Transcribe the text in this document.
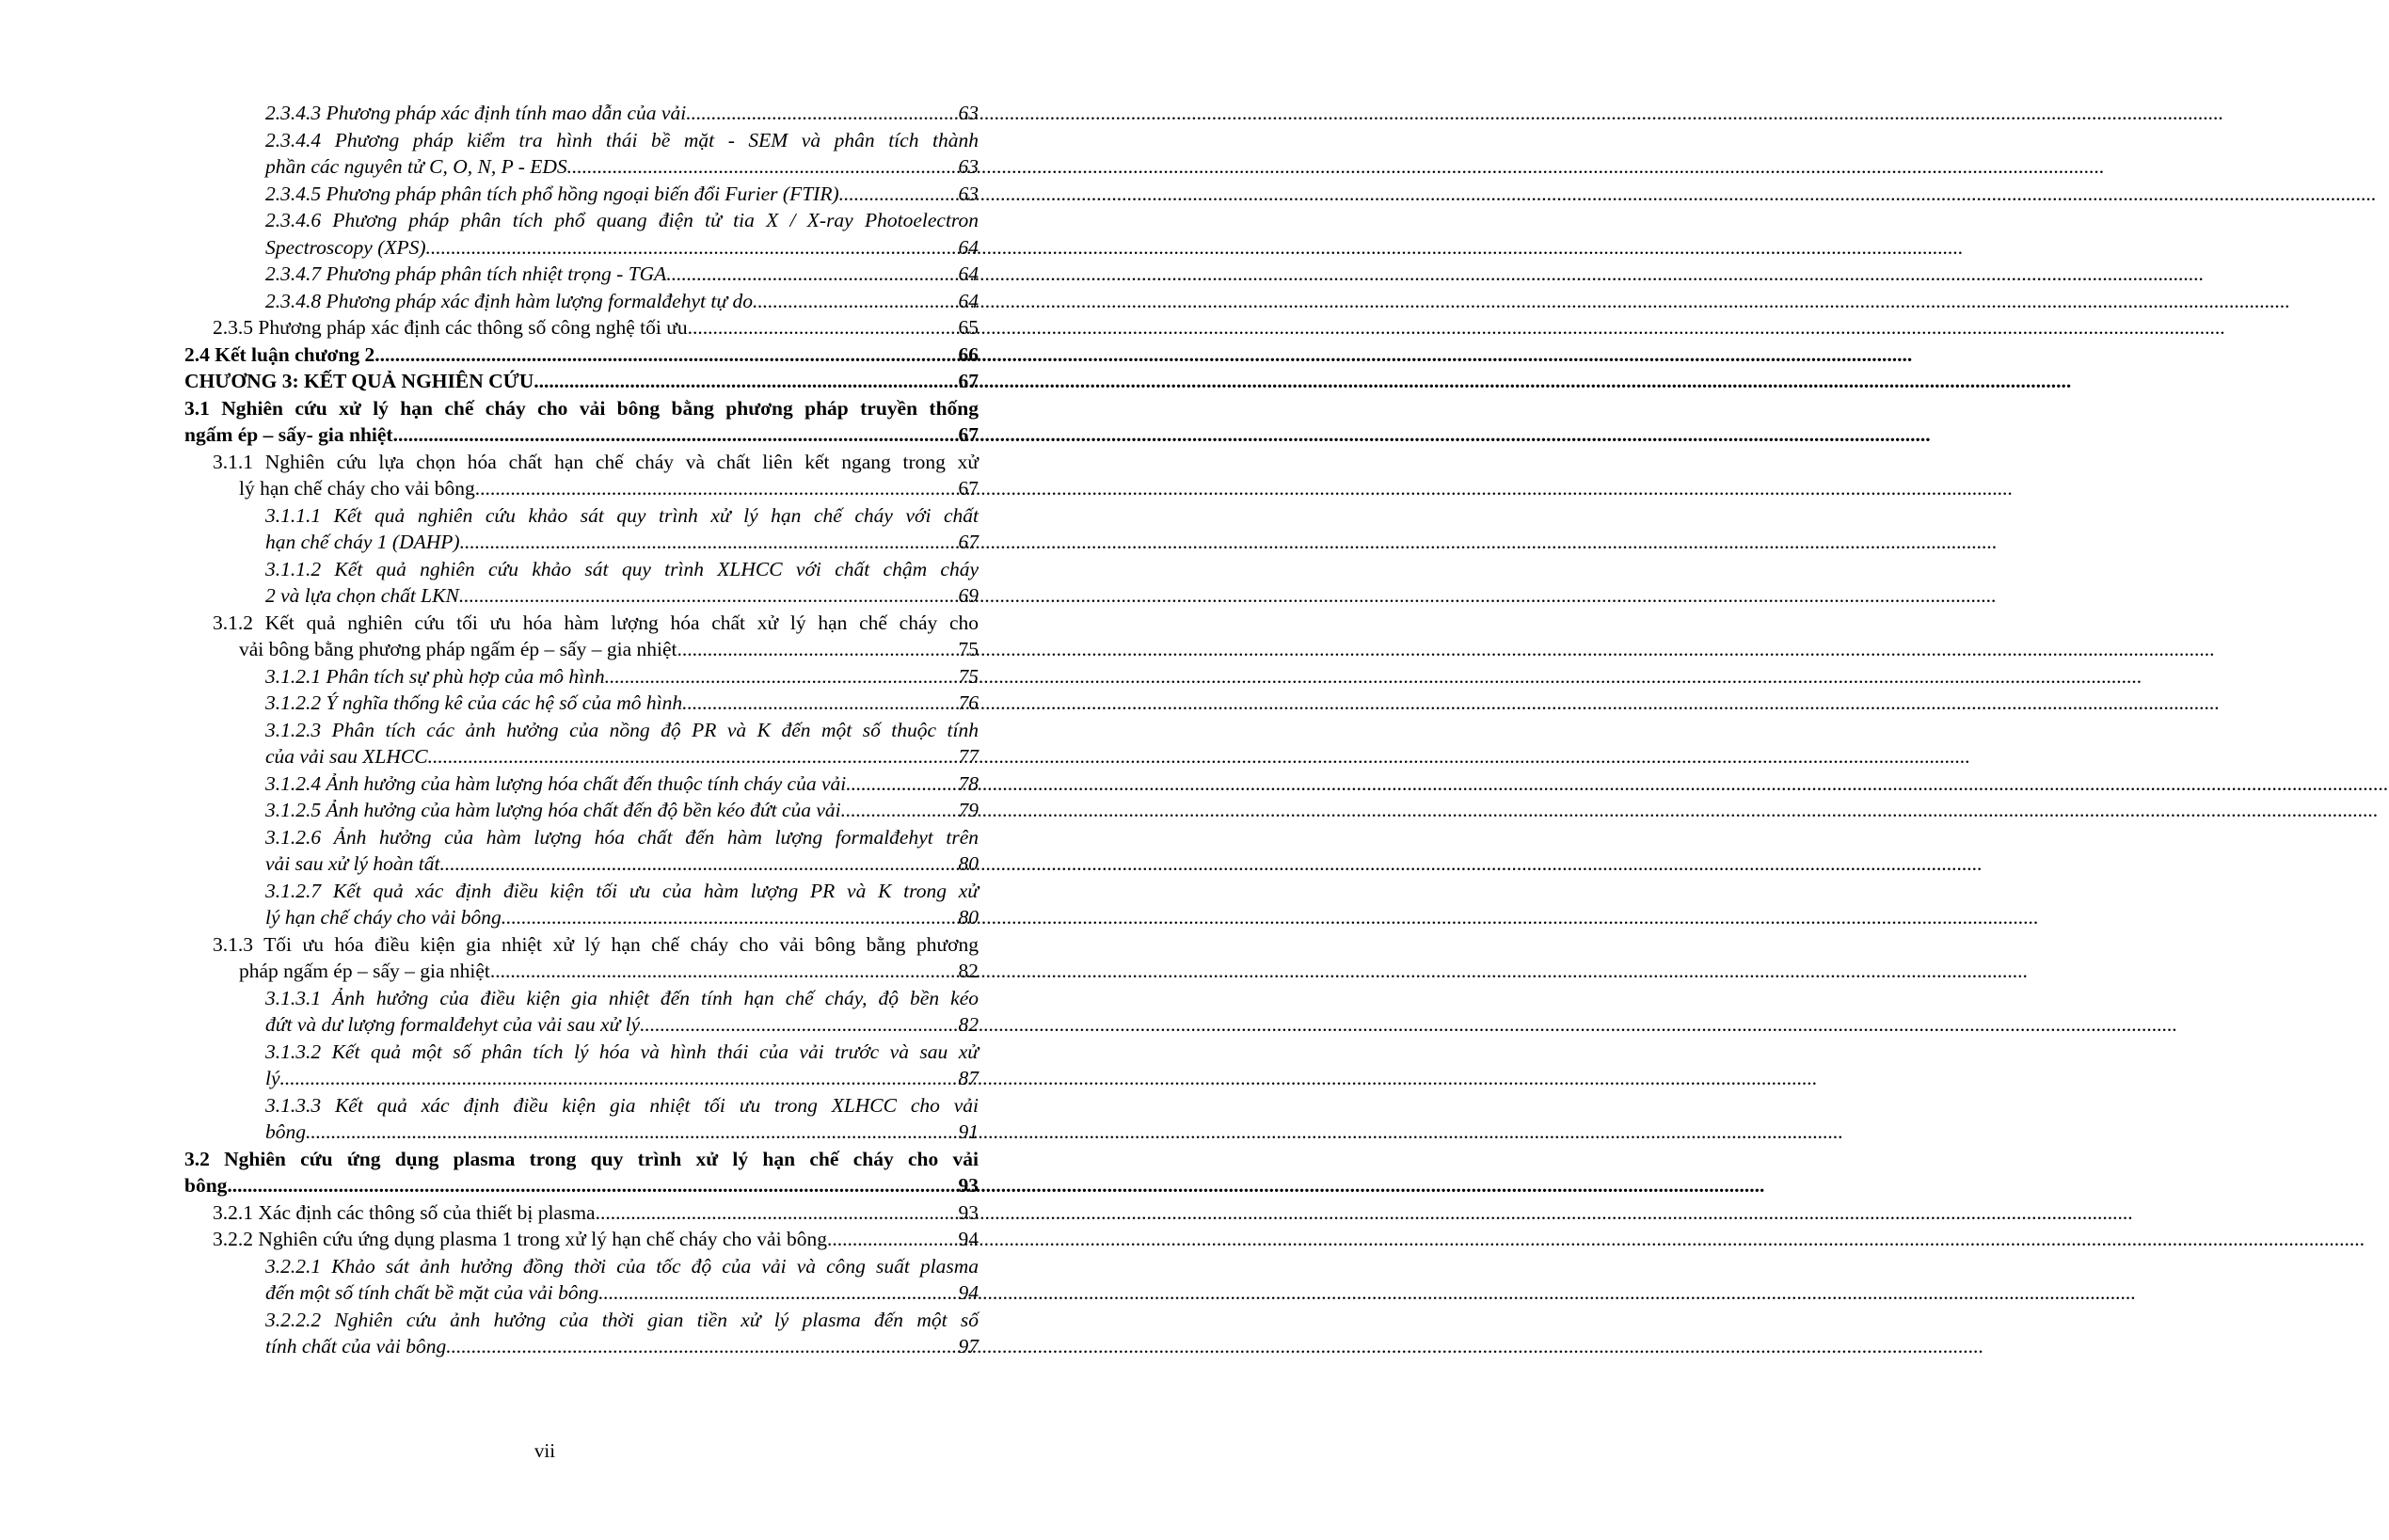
2.3.4.3 Phương pháp xác định tính mao dẫn của vải .....	63
2.3.4.4 Phương pháp kiểm tra hình thái bề mặt - SEM và phân tích thành
phần các nguyên tử C, O, N, P - EDS .....	63
2.3.4.5 Phương pháp phân tích phổ hồng ngoại biến đổi Furier (FTIR) .....	63
2.3.4.6 Phương pháp phân tích phổ quang điện tử tia X / X-ray Photoelectron
Spectroscopy (XPS) .....	64
2.3.4.7 Phương pháp phân tích nhiệt trọng - TGA .....	64
2.3.4.8 Phương pháp xác định hàm lượng formalđehyt tự do .....	64
2.3.5 Phương pháp xác định các thông số công nghệ tối ưu .....	65
2.4 Kết luận chương 2 .....	66
CHƯƠNG 3: KẾT QUẢ NGHIÊN CỨU .....	67
3.1 Nghiên cứu xử lý hạn chế cháy cho vải bông bằng phương pháp truyền thống
ngấm ép – sấy- gia nhiệt .....	67
3.1.1 Nghiên cứu lựa chọn hóa chất hạn chế cháy và chất liên kết ngang trong xử
lý hạn chế cháy cho vải bông .....	67
3.1.1.1 Kết quả nghiên cứu khảo sát quy trình xử lý hạn chế cháy với chất
hạn chế cháy 1 (DAHP) .....	67
3.1.1.2 Kết quả nghiên cứu khảo sát quy trình XLHCC với chất chậm cháy
2 và lựa chọn chất LKN .....	69
3.1.2 Kết quả nghiên cứu tối ưu hóa hàm lượng hóa chất xử lý hạn chế cháy cho
vải bông bằng phương pháp ngấm ép – sấy – gia nhiệt .....	75
3.1.2.1 Phân tích sự phù hợp của mô hình .....	75
3.1.2.2 Ý nghĩa thống kê của các hệ số của mô hình .....	76
3.1.2.3 Phân tích các ảnh hưởng của nồng độ PR và K đến một số thuộc tính
của vải sau XLHCC. .....	77
3.1.2.4 Ảnh hưởng của hàm lượng hóa chất đến thuộc tính cháy của vải. .....	78
3.1.2.5 Ảnh hưởng của hàm lượng hóa chất đến độ bền kéo đứt của vải .....	79
3.1.2.6 Ảnh hưởng của hàm lượng hóa chất đến hàm lượng formalđehyt trên
vải sau xử lý hoàn tất. .....	80
3.1.2.7 Kết quả xác định điều kiện tối ưu của hàm lượng PR và K trong xử
lý hạn chế cháy cho vải bông .....	80
3.1.3 Tối ưu hóa điều kiện gia nhiệt xử lý hạn chế cháy cho vải bông bằng phương
pháp ngấm ép – sấy – gia nhiệt .....	82
3.1.3.1 Ảnh hưởng của điều kiện gia nhiệt đến tính hạn chế cháy, độ bền kéo
đứt và dư lượng formalđehyt của vải sau xử lý .....	82
3.1.3.2 Kết quả một số phân tích lý hóa và hình thái của vải trước và sau xử
lý .....	87
3.1.3.3 Kết quả xác định điều kiện gia nhiệt tối ưu trong XLHCC cho vải
bông .....	91
3.2 Nghiên cứu ứng dụng plasma trong quy trình xử lý hạn chế cháy cho vải
bông .....	93
3.2.1 Xác định các thông số của thiết bị plasma .....	93
3.2.2 Nghiên cứu ứng dụng plasma 1 trong xử lý hạn chế cháy cho vải bông .....	94
3.2.2.1 Khảo sát ảnh hưởng đồng thời của tốc độ của vải và công suất plasma
đến một số tính chất bề mặt của vải bông .....	94
3.2.2.2 Nghiên cứu ảnh hưởng của thời gian tiền xử lý plasma đến một số
tính chất của vải bông .....	97
vii
